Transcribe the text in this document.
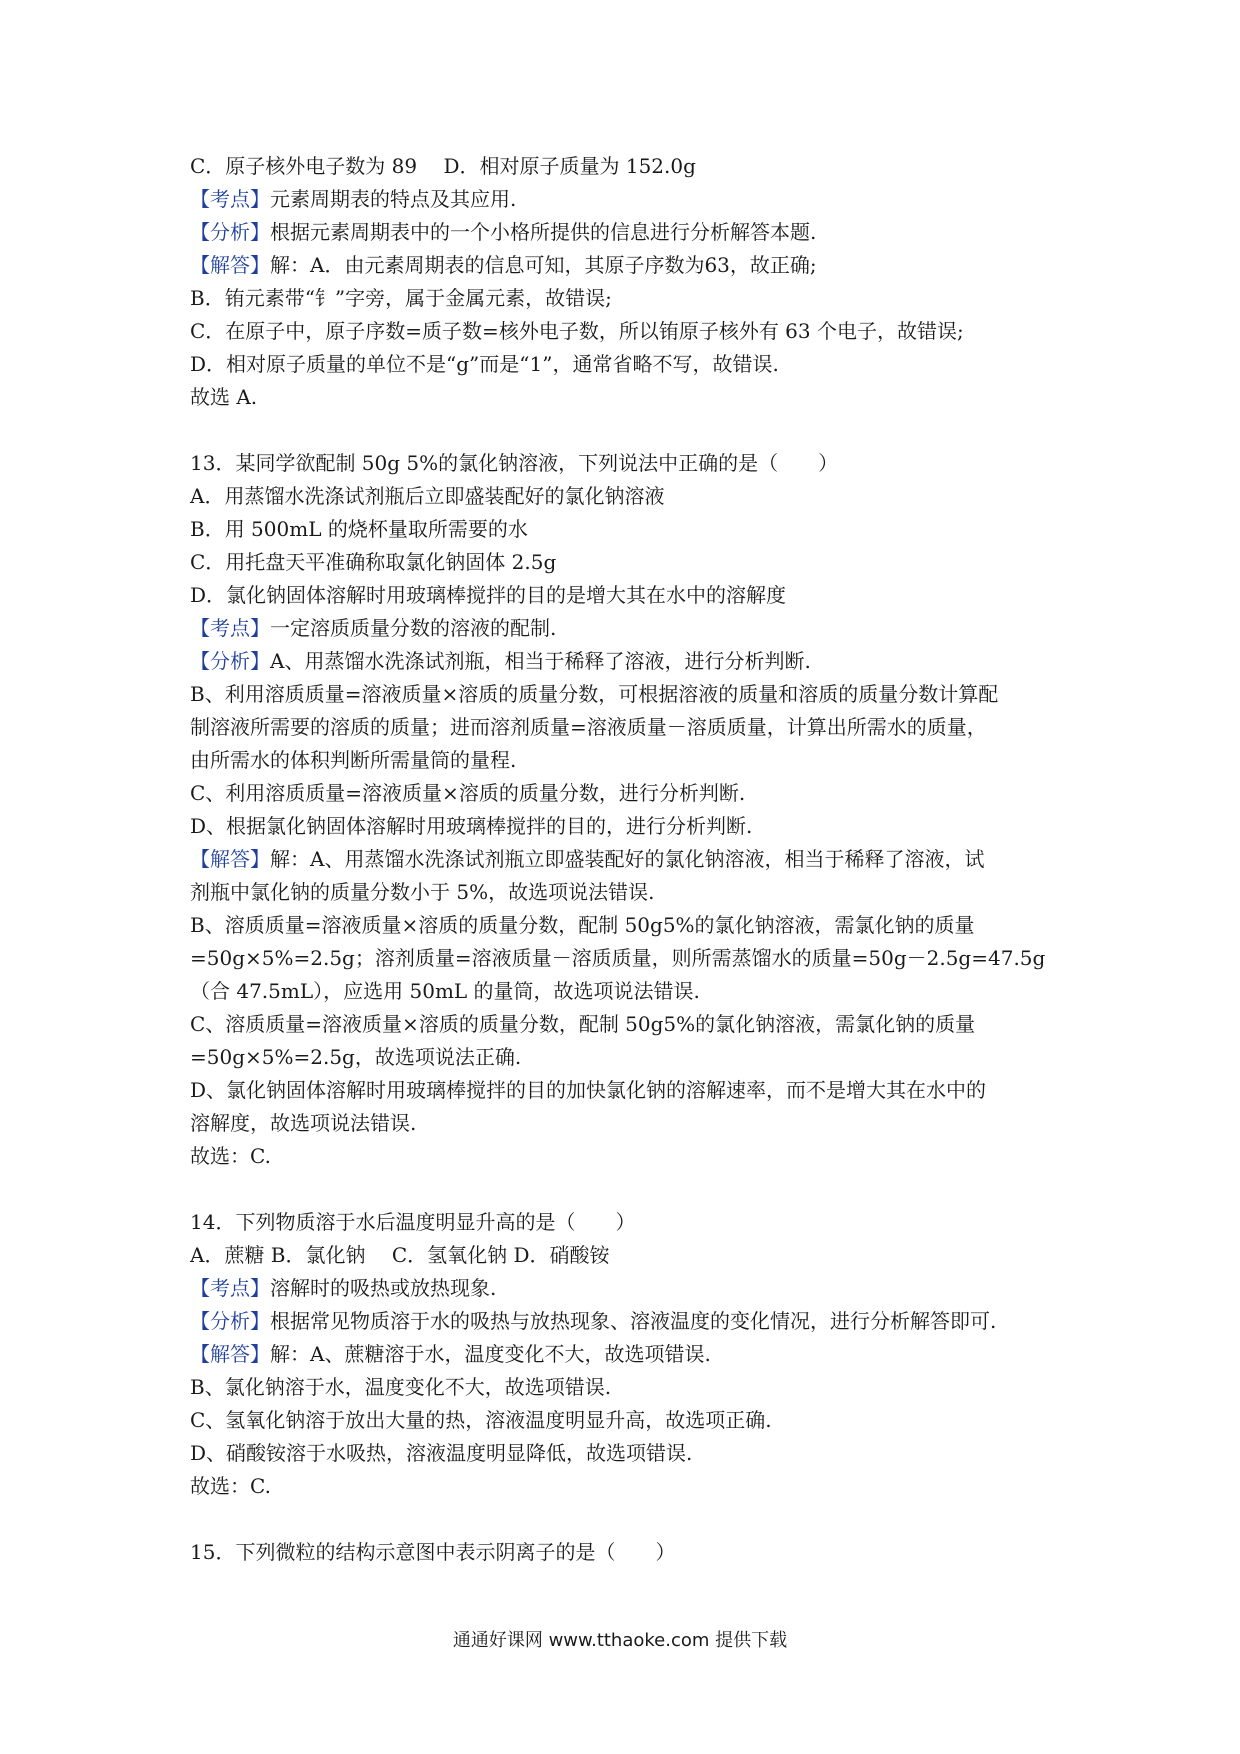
C．原子核外电子数为 89 　D．相对原子质量为 152.0g
【考点】元素周期表的特点及其应用.
【分析】根据元素周期表中的一个小格所提供的信息进行分析解答本题.
【解答】解：A．由元素周期表的信息可知，其原子序数为63，故正确;
B．铕元素带“钅”字旁，属于金属元素，故错误;
C．在原子中，原子序数=质子数=核外电子数，所以铕原子核外有 63 个电子，故错误;
D．相对原子质量的单位不是“g”而是“1”，通常省略不写，故错误.
故选 A.
13．某同学欲配制 50g 5%的氯化钠溶液，下列说法中正确的是（　　）
A．用蒸馏水洗涤试剂瓶后立即盛装配好的氯化钠溶液
B．用 500mL 的烧杯量取所需要的水
C．用托盘天平准确称取氯化钠固体 2.5g
D．氯化钠固体溶解时用玻璃棒搅拌的目的是增大其在水中的溶解度
【考点】一定溶质质量分数的溶液的配制.
【分析】A、用蒸馏水洗涤试剂瓶，相当于稀释了溶液，进行分析判断.
B、利用溶质质量=溶液质量×溶质的质量分数，可根据溶液的质量和溶质的质量分数计算配
制溶液所需要的溶质的质量；进而溶剂质量=溶液质量－溶质质量，计算出所需水的质量，
由所需水的体积判断所需量筒的量程.
C、利用溶质质量=溶液质量×溶质的质量分数，进行分析判断.
D、根据氯化钠固体溶解时用玻璃棒搅拌的目的，进行分析判断.
【解答】解：A、用蒸馏水洗涤试剂瓶立即盛装配好的氯化钠溶液，相当于稀释了溶液，试
剂瓶中氯化钠的质量分数小于 5%，故选项说法错误.
B、溶质质量=溶液质量×溶质的质量分数，配制 50g5%的氯化钠溶液，需氯化钠的质量
=50g×5%=2.5g；溶剂质量=溶液质量－溶质质量，则所需蒸馏水的质量=50g－2.5g=47.5g
（合 47.5mL），应选用 50mL 的量筒，故选项说法错误.
C、溶质质量=溶液质量×溶质的质量分数，配制 50g5%的氯化钠溶液，需氯化钠的质量
=50g×5%=2.5g，故选项说法正确.
D、氯化钠固体溶解时用玻璃棒搅拌的目的加快氯化钠的溶解速率，而不是增大其在水中的
溶解度，故选项说法错误.
故选：C.
14．下列物质溶于水后温度明显升高的是（　　）
A．蔗糖 B．氯化钠　 C．氢氧化钠 D．硝酸铵
【考点】溶解时的吸热或放热现象.
【分析】根据常见物质溶于水的吸热与放热现象、溶液温度的变化情况，进行分析解答即可.
【解答】解：A、蔗糖溶于水，温度变化不大，故选项错误.
B、氯化钠溶于水，温度变化不大，故选项错误.
C、氢氧化钠溶于放出大量的热，溶液温度明显升高，故选项正确.
D、硝酸铵溶于水吸热，溶液温度明显降低，故选项错误.
故选：C.
15．下列微粒的结构示意图中表示阴离子的是（　　）
通通好课网 www.tthaoke.com 提供下载
